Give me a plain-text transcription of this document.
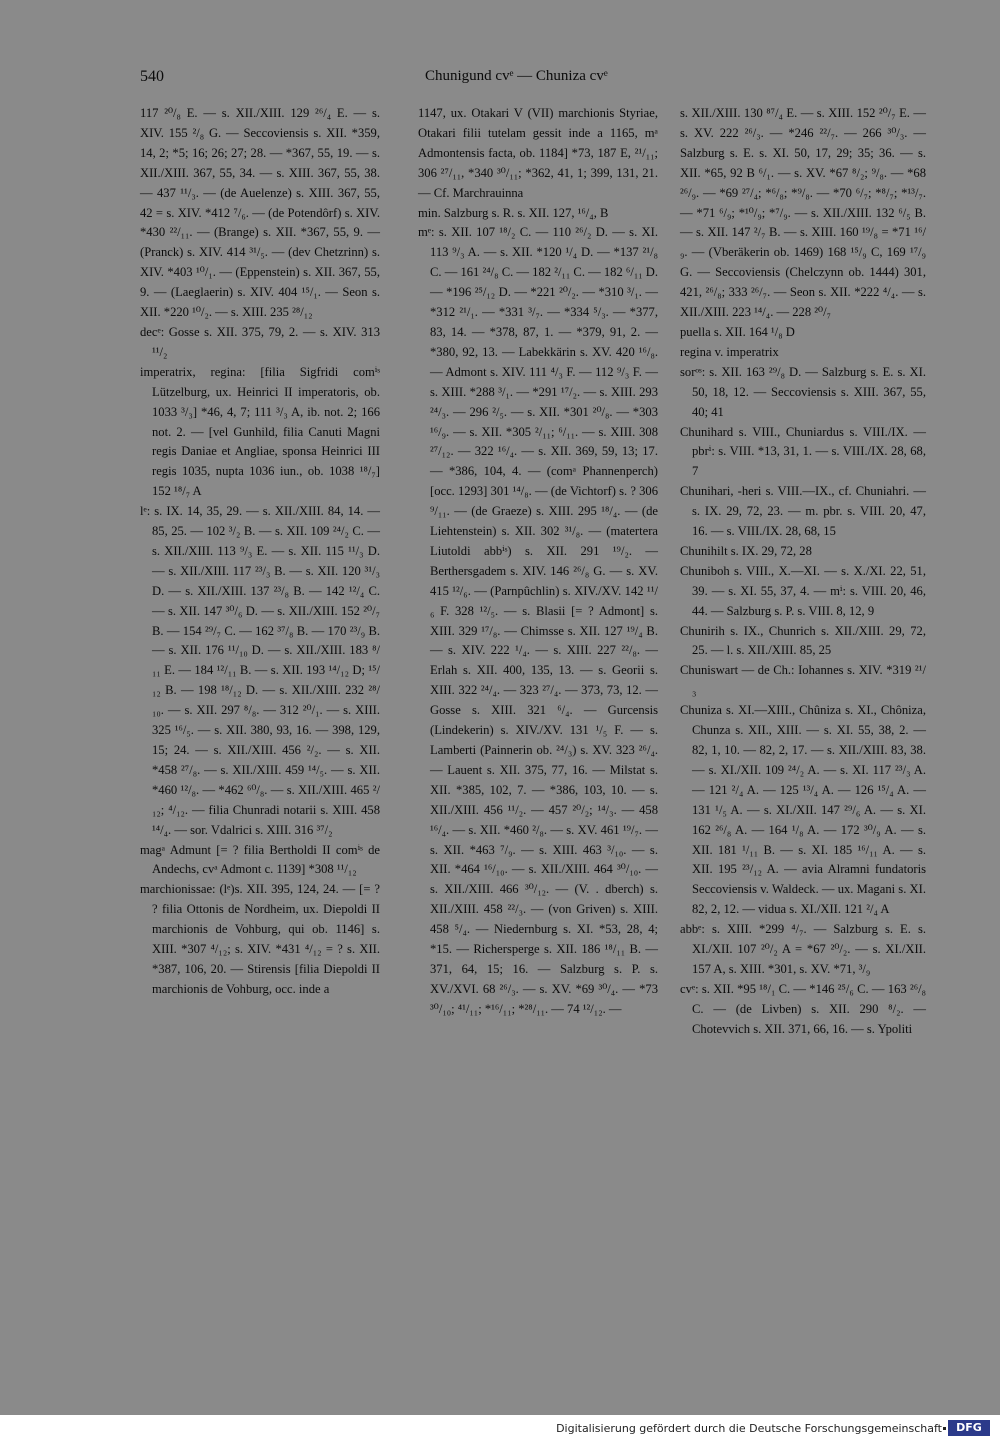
540	Chunigund cvᵉ — Chuniza cvᵉ

117 ²⁰/₈ E. — s. XII./XIII. 129 ²⁶/₄ E. — s. XIV. 155 ²/₈ G. — Seccoviensis s. XII. *359, 14, 2; *5; 16; 26; 27; 28. — *367, 55, 19. — s. XII./XIII. 367, 55, 34. — s. XIII. 367, 55, 38. — 437 ¹¹/₃. — (de Auelenze) s. XIII. 367, 55, 42 = s. XIV. *412 ⁷/₆. — (de Potendôrf) s. XIV. *430 ²²/₁₁. — (Brange) s. XII. *367, 55, 9. — (Pranck) s. XIV. 414 ³¹/₅. — (dev Chetzrinn) s. XIV. *403 ¹⁰/₁. — (Eppenstein) s. XII. 367, 55, 9. — (Laeglaerin) s. XIV. 404 ¹⁵/₁. — Seon s. XII. *220 ¹⁰/₂. — s. XIII. 235 ²⁸/₁₂

decᵉ: Gosse s. XII. 375, 79, 2. — s. XIV. 313 ¹¹/₂

imperatrix, regina: [filia Sigfridi comⁱˢ Lützelburg, ux. Heinrici II imperatoris, ob. 1033 ³/₃] *46, 4, 7; 111 ³/₃ A, ib. not. 2; 166 not. 2. — [vel Gunhild, filia Canuti Magni regis Daniae et Angliae, sponsa Heinrici III regis 1035, nupta 1036 iun., ob. 1038 ¹⁸/₇] 152 ¹⁸/₇ A

lᵉ: s. IX. 14, 35, 29. — s. XII./XIII. 84, 14. — 85, 25. — 102 ³/₂ B. — s. XII. 109 ²⁴/₂ C. — s. XII./XIII. 113 ⁹/₃ E. — s. XII. 115 ¹¹/₃ D. — s. XII./XIII. 117 ²³/₃ B. — s. XII. 120 ³¹/₃ D. — s. XII./XIII. 137 ²³/₈ B. — 142 ¹²/₄ C. — s. XII. 147 ³⁰/₆ D. — s. XII./XIII. 152 ²⁰/₇ B. — 154 ²⁹/₇ C. — 162 ³⁷/₈ B. — 170 ²³/₉ B. — s. XII. 176 ¹¹/₁₀ D. — s. XII./XIII. 183 ⁸/₁₁ E. — 184 ¹²/₁₁ B. — s. XII. 193 ¹⁴/₁₂ D; ¹⁵/₁₂ B. — 198 ¹⁸/₁₂ D. — s. XII./XIII. 232 ²⁸/₁₀. — s. XII. 297 ⁸/₈. — 312 ²⁰/₁. — s. XIII. 325 ¹⁶/₅. — s. XII. 380, 93, 16. — 398, 129, 15; 24. — s. XII./XIII. 456 ²/₂. — s. XII. *458 ²⁷/₈. — s. XII./XIII. 459 ¹⁴/₅. — s. XII. *460 ¹²/₈. — *462 ⁶⁰/₈. — s. XII./XIII. 465 ²/₁₂; ⁴/₁₂. — filia Chunradi notarii s. XIII. 458 ¹⁴/₄. — sor. Vdalrici s. XIII. 316 ³⁷/₂

magᵃ Admunt [= ? filia Bertholdi II comⁱˢ de Andechs, cvᵃ Admont c. 1139] *308 ¹¹/₁₂

marchionissae: (lᵉ)s. XII. 395, 124, 24. — [= ? ? filia Ottonis de Nordheim, ux. Diepoldi II marchionis de Vohburg, qui ob. 1146] s. XIII. *307 ⁴/₁₂; s. XIV. *431 ⁴/₁₂ = ? s. XII. *387, 106, 20. — Stirensis [filia Diepoldi II marchionis de Vohburg, occ. inde a

1147, ux. Otakari V (VII) marchionis Styriae, Otakari filii tutelam gessit inde a 1165, mᵃ Admontensis facta, ob. 1184] *73, 187 E, ²¹/₁₁; 306 ²⁷/₁₁, *340 ³⁰/₁₁; *362, 41, 1; 399, 131, 21. — Cf. Marchrauinna

min. Salzburg s. R. s. XII. 127, ¹⁶/₄, B

mᵉ: s. XII. 107 ¹⁸/₂ C. — 110 ²⁶/₂ D. — s. XI. 113 ⁹/₃ A. — s. XII. *120 ¹/₄ D. — *137 ²¹/₈ C. — 161 ²⁴/₈ C. — 182 ²/₁₁ C. — 182 ⁶/₁₁ D. — *196 ²⁵/₁₂ D. — *221 ²⁰/₂. — *310 ³/₁. — *312 ²¹/₁. — *331 ³/₇. — *334 ⁵/₃. — *377, 83, 14. — *378, 87, 1. — *379, 91, 2. — *380, 92, 13. — Labekkärin s. XV. 420 ¹⁶/₈. — Admont s. XIV. 111 ⁴/₃ F. — 112 ⁹/₃ F. — s. XIII. *288 ³/₁. — *291 ¹⁷/₂. — s. XIII. 293 ²⁴/₃. — 296 ²/₅. — s. XII. *301 ²⁰/₈. — *303 ¹⁶/₉. — s. XII. *305 ²/₁₁; ⁶/₁₁. — s. XIII. 308 ²⁷/₁₂. — 322 ¹⁶/₄. — s. XII. 369, 59, 13; 17. — *386, 104, 4. — (comᵃ Phannenperch) [occ. 1293] 301 ¹⁴/₈. — (de Vichtorf) s. ? 306 ⁹/₁₁. — (de Graeze) s. XIII. 295 ¹⁸/₄. — (de Liehtenstein) s. XII. 302 ³¹/₈. — (matertera Liutoldi abbⁱˢ) s. XII. 291 ¹⁹/₂. — Berthersgadem s. XIV. 146 ²⁶/₈ G. — s. XV. 415 ¹²/₆. — (Parnpûchlin) s. XIV./XV. 142 ¹¹/₆ F. 328 ¹²/₅. — s. Blasii [= ? Admont] s. XIII. 329 ¹⁷/₈. — Chimsse s. XII. 127 ¹⁹/₄ B. — s. XIV. 222 ¹/₄. — s. XIII. 227 ²²/₈. — Erlah s. XII. 400, 135, 13. — s. Georii s. XIII. 322 ²⁴/₄. — 323 ²⁷/₄. — 373, 73, 12. — Gosse s. XIII. 321 ⁶/₄. — Gurcensis (Lindekerin) s. XIV./XV. 131 ¹/₅ F. — s. Lamberti (Painnerin ob. ²⁴/₃) s. XV. 323 ²⁶/₄. — Lauent s. XII. 375, 77, 16. — Milstat s. XII. *385, 102, 7. — *386, 103, 10. — s. XII./XIII. 456 ¹¹/₂. — 457 ²⁰/₂; ¹⁴/₃. — 458 ¹⁶/₄. — s. XII. *460 ²/₈. — s. XV. 461 ¹⁹/₇. — s. XII. *463 ⁷/₉. — s. XIII. 463 ³/₁₀. — s. XII. *464 ¹⁶/₁₀. — s. XII./XIII. 464 ³⁰/₁₀. — s. XII./XIII. 466 ³⁰/₁₂. — (V. . dberch) s. XII./XIII. 458 ²²/₃. — (von Griven) s. XIII. 458 ⁵/₄. — Niedernburg s. XI. *53, 28, 4; *15. — Richersperge s. XII. 186 ¹⁸/₁₁ B. — 371, 64, 15; 16. — Salzburg s. P. s. XV./XVI. 68 ²⁶/₃. — s. XV. *69 ³⁰/₄. — *73 ³⁰/₁₀; ⁴¹/₁₁; *¹⁶/₁₁; *²⁸/₁₁. — 74 ¹²/₁₂. —

s. XII./XIII. 130 ⁸⁷/₄ E. — s. XIII. 152 ²⁰/₇ E. — s. XV. 222 ²⁶/₃. — *246 ²²/₇. — 266 ³⁰/₃. — Salzburg s. E. s. XI. 50, 17, 29; 35; 36. — s. XII. *65, 92 B ⁶/₁. — s. XV. *67 ⁸/₂; ⁹/₈. — *68 ²⁶/₉. — *69 ²⁷/₄; *⁶/₈; *⁹/₈. — *70 ⁶/₇; *⁸/₇; *¹³/₇. — *71 ⁶/₉; *¹⁰/₉; *⁷/₉. — s. XII./XIII. 132 ⁶/₅ B. — s. XII. 147 ²/₇ B. — s. XIII. 160 ¹⁹/₈ = *71 ¹⁶/₉. — (Vberäkerin ob. 1469) 168 ¹⁵/₉ C, 169 ¹⁷/₉ G. — Seccoviensis (Chelczynn ob. 1444) 301, 421, ²⁶/₈; 333 ²⁶/₇. — Seon s. XII. *222 ⁴/₄. — s. XII./XIII. 223 ¹⁴/₄. — 228 ²⁰/₇

puella s. XII. 164 ¹/₈ D

regina v. imperatrix

sorᵒˢ: s. XII. 163 ²⁹/₈ D. — Salzburg s. E. s. XI. 50, 18, 12. — Seccoviensis s. XIII. 367, 55, 40; 41

Chunihard s. VIII., Chuniardus s. VIII./IX. — pbrⁱ: s. VIII. *13, 31, 1. — s. VIII./IX. 28, 68, 7

Chunihari, -heri s. VIII.—IX., cf. Chuniahri. — s. IX. 29, 72, 23. — m. pbr. s. VIII. 20, 47, 16. — s. VIII./IX. 28, 68, 15

Chunihilt s. IX. 29, 72, 28

Chuniboh s. VIII., X.—XI. — s. X./XI. 22, 51, 39. — s. XI. 55, 37, 4. — mⁱ: s. VIII. 20, 46, 44. — Salzburg s. P. s. VIII. 8, 12, 9

Chunirih s. IX., Chunrich s. XII./XIII. 29, 72, 25. — l. s. XII./XIII. 85, 25

Chuniswart — de Ch.: Iohannes s. XIV. *319 ²¹/₃

Chuniza s. XI.—XIII., Chûniza s. XI., Chôniza, Chunza s. XII., XIII. — s. XI. 55, 38, 2. — 82, 1, 10. — 82, 2, 17. — s. XII./XIII. 83, 38. — s. XI./XII. 109 ²⁴/₂ A. — s. XI. 117 ²³/₃ A. — 121 ²/₄ A. — 125 ¹³/₄ A. — 126 ¹⁵/₄ A. — 131 ¹/₅ A. — s. XI./XII. 147 ²⁹/₆ A. — s. XI. 162 ²⁶/₈ A. — 164 ¹/₈ A. — 172 ³⁰/₉ A. — s. XII. 181 ¹/₁₁ B. — s. XI. 185 ¹⁶/₁₁ A. — s. XII. 195 ²³/₁₂ A. — avia Alramni fundatoris Seccoviensis v. Waldeck. — ux. Magani s. XI. 82, 2, 12. — vidua s. XI./XII. 121 ²/₄ A

abbᵉ: s. XIII. *299 ⁴/₇. — Salzburg s. E. s. XI./XII. 107 ²⁰/₂ A = *67 ²⁰/₂. — s. XI./XII. 157 A, s. XIII. *301, s. XV. *71, ³/₉

cvᵉ: s. XII. *95 ¹⁸/₁ C. — *146 ²⁵/₆ C. — 163 ²⁶/₈ C. — (de Livben) s. XII. 290 ⁸/₂. — Chotevvich s. XII. 371, 66, 16. — s. Ypoliti

Digitalisierung gefördert durch die Deutsche Forschungsgemeinschaft	DFG
